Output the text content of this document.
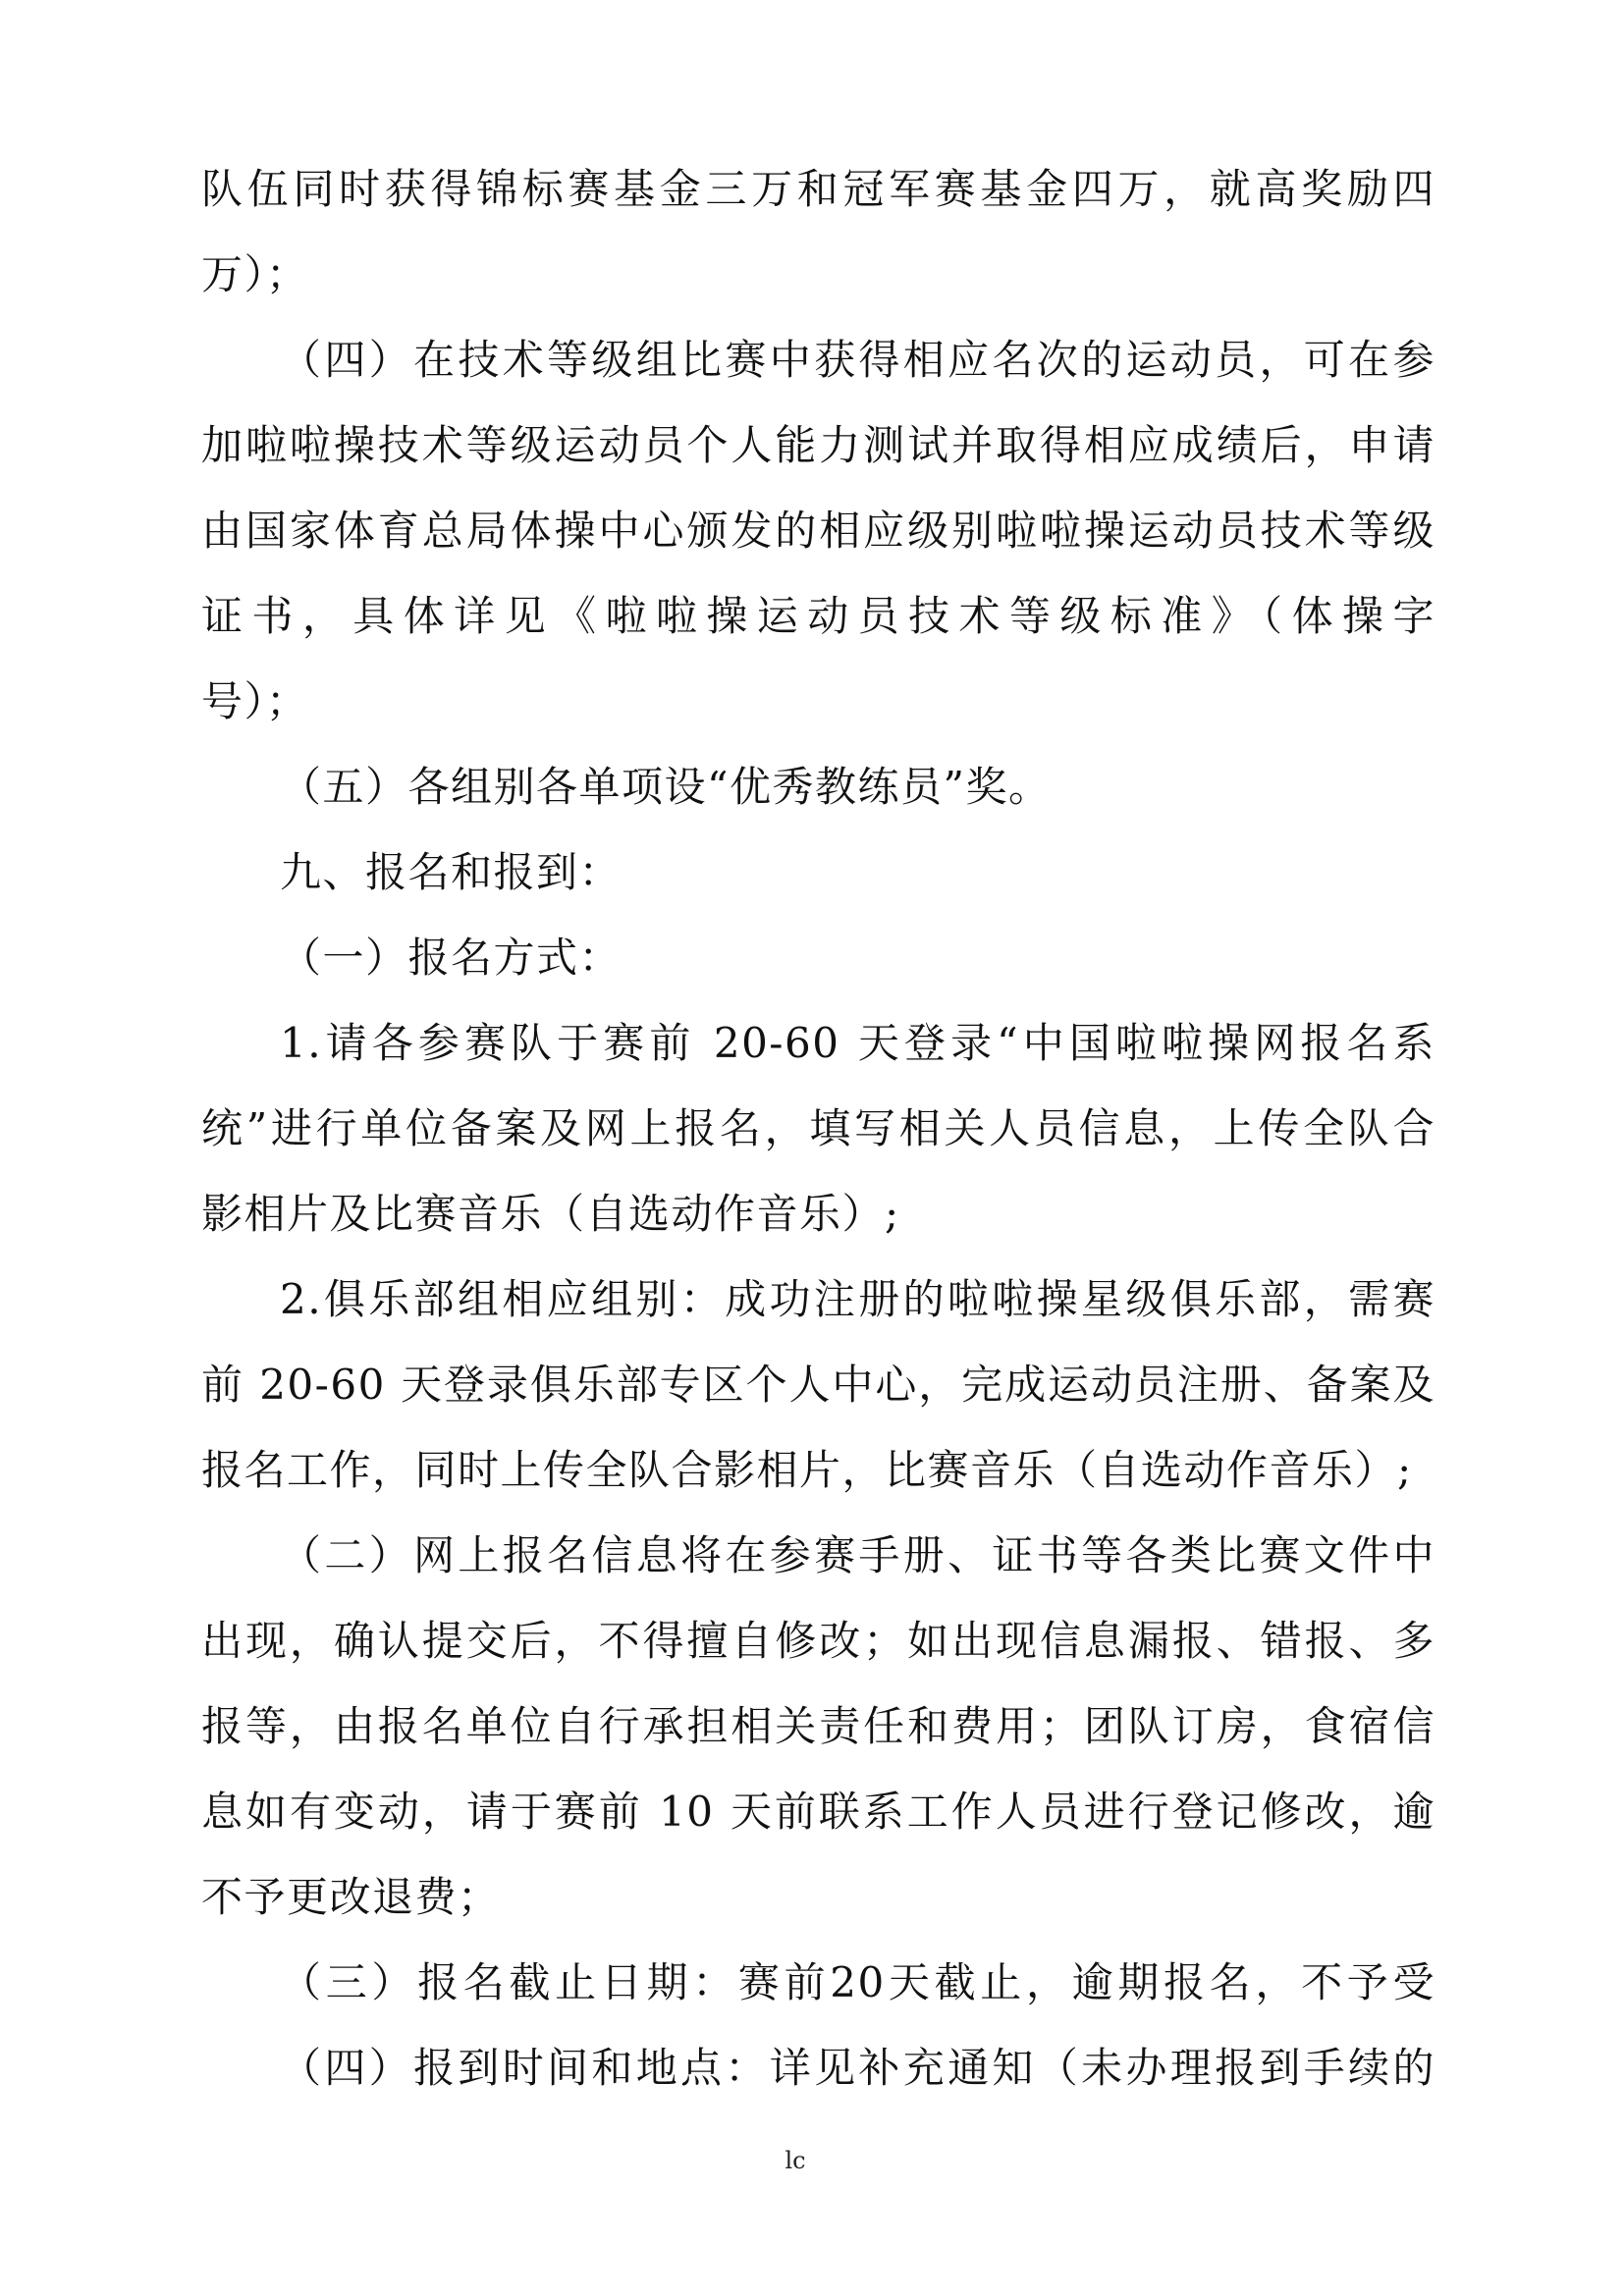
队伍同时获得锦标赛基金三万和冠军赛基金四万，就高奖励四
万）；
（四）在技术等级组比赛中获得相应名次的运动员，可在参
加啦啦操技术等级运动员个人能力测试并取得相应成绩后，申请
由国家体育总局体操中心颁发的相应级别啦啦操运动员技术等级
证书，具体详见《啦啦操运动员技术等级标准》（体操字
号）；
（五）各组别各单项设“优秀教练员”奖。
九、报名和报到：
（一）报名方式：
1.请各参赛队于赛前 20-60 天登录“中国啦啦操网报名系
统”进行单位备案及网上报名，填写相关人员信息，上传全队合
影相片及比赛音乐（自选动作音乐）;
2.俱乐部组相应组别：成功注册的啦啦操星级俱乐部，需赛
前 20-60 天登录俱乐部专区个人中心，完成运动员注册、备案及
报名工作，同时上传全队合影相片，比赛音乐（自选动作音乐）;
（二）网上报名信息将在参赛手册、证书等各类比赛文件中
出现，确认提交后，不得擅自修改；如出现信息漏报、错报、多
报等，由报名单位自行承担相关责任和费用；团队订房，食宿信
息如有变动，请于赛前 10 天前联系工作人员进行登记修改，逾
不予更改退费；
（三）报名截止日期：赛前20天截止，逾期报名，不予受
（四）报到时间和地点：详见补充通知（未办理报到手续的
lc
